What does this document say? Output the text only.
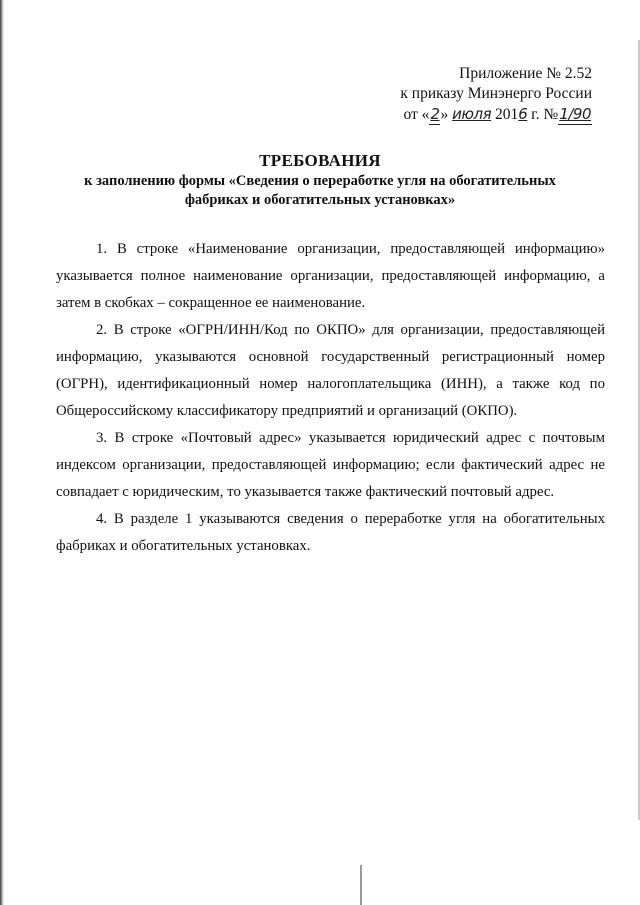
Приложение № 2.52
к приказу Минэнерго России
от «2» июля 2016 г. №1/90
ТРЕБОВАНИЯ
к заполнению формы «Сведения о переработке угля на обогатительных
фабриках и обогатительных установках»

1. В строке «Наименование организации, предоставляющей информацию» указывается полное наименование организации, предоставляющей информацию, а затем в скобках – сокращенное ее наименование.

2. В строке «ОГРН/ИНН/Код по ОКПО» для организации, предоставляющей информацию, указываются основной государственный регистрационный номер (ОГРН), идентификационный номер налогоплательщика (ИНН), а также код по Общероссийскому классификатору предприятий и организаций (ОКПО).

3. В строке «Почтовый адрес» указывается юридический адрес с почтовым индексом организации, предоставляющей информацию; если фактический адрес не совпадает с юридическим, то указывается также фактический почтовый адрес.

4. В разделе 1 указываются сведения о переработке угля на обогатительных фабриках и обогатительных установках.
